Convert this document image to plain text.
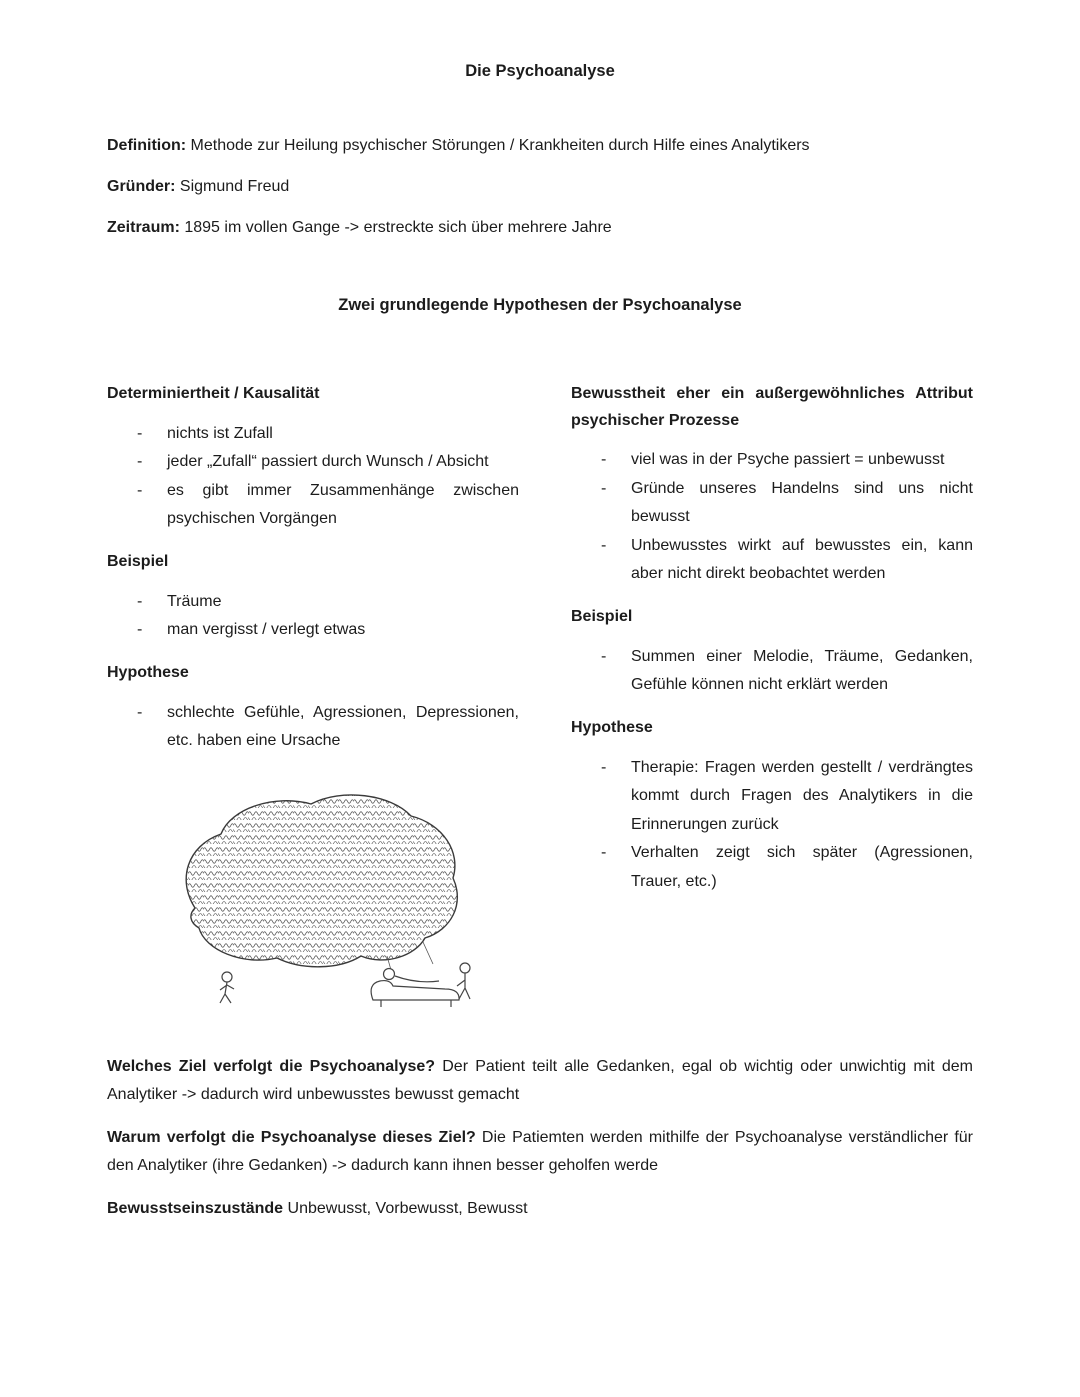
Die Psychoanalyse

Definition: Methode zur Heilung psychischer Störungen / Krankheiten durch Hilfe eines Analytikers

Gründer: Sigmund Freud

Zeitraum: 1895 im vollen Gange -> erstreckte sich über mehrere Jahre

Zwei grundlegende Hypothesen der Psychoanalyse
Determiniertheit / Kausalität
-
nichts ist Zufall
-
jeder „Zufall“ passiert durch Wunsch / Absicht
-
es gibt immer Zusammenhänge zwischen psychischen Vorgängen
Beispiel
-
Träume
-
man vergisst / verlegt etwas
Hypothese
-
schlechte Gefühle, Agressionen, Depressionen, etc. haben eine Ursache
Bewusstheit eher ein außergewöhnliches Attribut psychischer Prozesse
-
viel was in der Psyche passiert = unbewusst
-
Gründe unseres Handelns sind uns nicht bewusst
-
Unbewusstes wirkt auf bewusstes ein, kann aber nicht direkt beobachtet werden
Beispiel
-
Summen einer Melodie, Träume, Gedanken, Gefühle können nicht erklärt werden
Hypothese
-
Therapie: Fragen werden gestellt / verdrängtes kommt durch Fragen des Analytikers in die Erinnerungen zurück
-
Verhalten zeigt sich später (Agressionen, Trauer, etc.)

Welches Ziel verfolgt die Psychoanalyse? Der Patient teilt alle Gedanken, egal ob wichtig oder unwichtig mit dem Analytiker -> dadurch wird unbewusstes bewusst gemacht

Warum verfolgt die Psychoanalyse dieses Ziel? Die Patiemten werden mithilfe der Psychoanalyse verständlicher für den Analytiker (ihre Gedanken) -> dadurch kann ihnen besser geholfen werde

Bewusstseinszustände Unbewusst, Vorbewusst, Bewusst
